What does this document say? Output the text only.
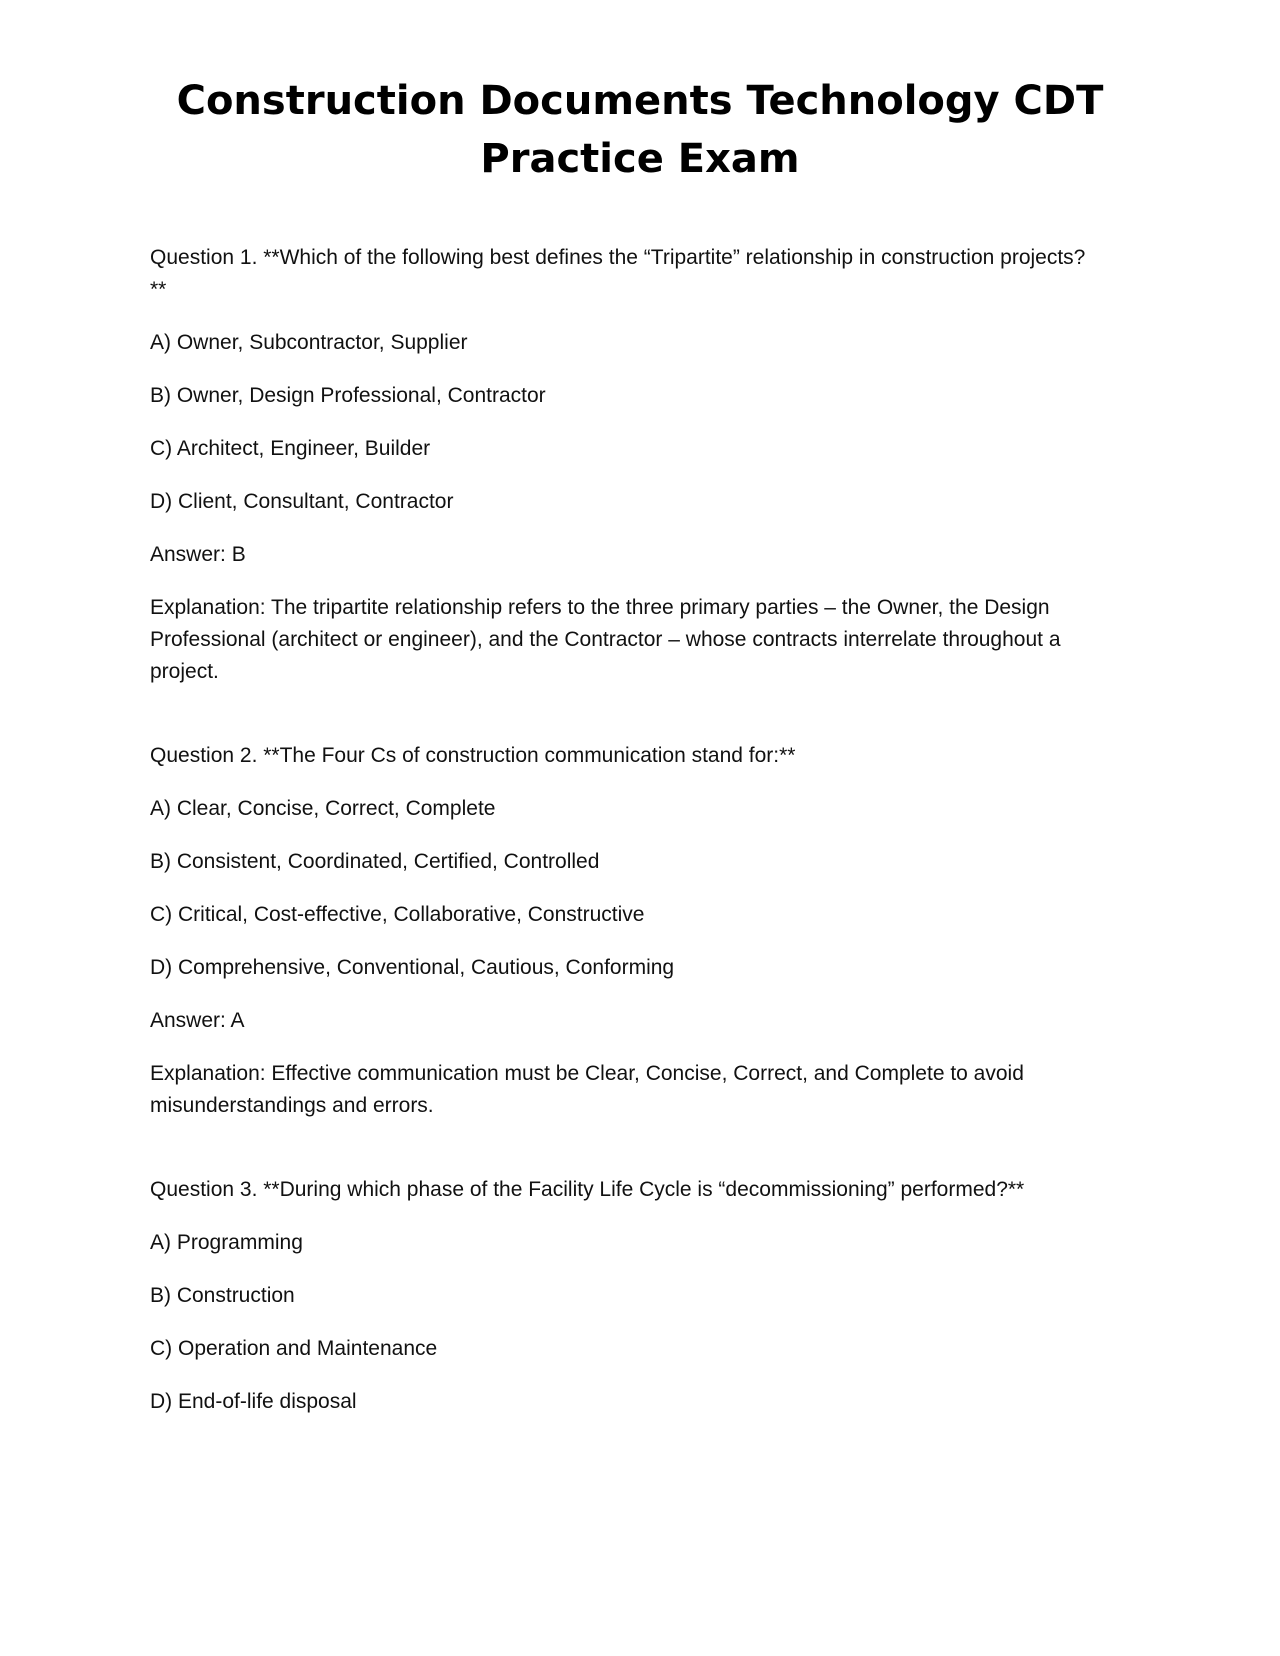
Construction Documents Technology CDT Practice Exam

Question 1. **Which of the following best defines the “Tripartite” relationship in construction projects?**

A) Owner, Subcontractor, Supplier

B) Owner, Design Professional, Contractor

C) Architect, Engineer, Builder

D) Client, Consultant, Contractor

Answer: B

Explanation: The tripartite relationship refers to the three primary parties – the Owner, the Design Professional (architect or engineer), and the Contractor – whose contracts interrelate throughout a project.

Question 2. **The Four Cs of construction communication stand for:**

A) Clear, Concise, Correct, Complete

B) Consistent, Coordinated, Certified, Controlled

C) Critical, Cost-effective, Collaborative, Constructive

D) Comprehensive, Conventional, Cautious, Conforming

Answer: A

Explanation: Effective communication must be Clear, Concise, Correct, and Complete to avoid misunderstandings and errors.

Question 3. **During which phase of the Facility Life Cycle is “decommissioning” performed?**

A) Programming

B) Construction

C) Operation and Maintenance

D) End-of-life disposal
